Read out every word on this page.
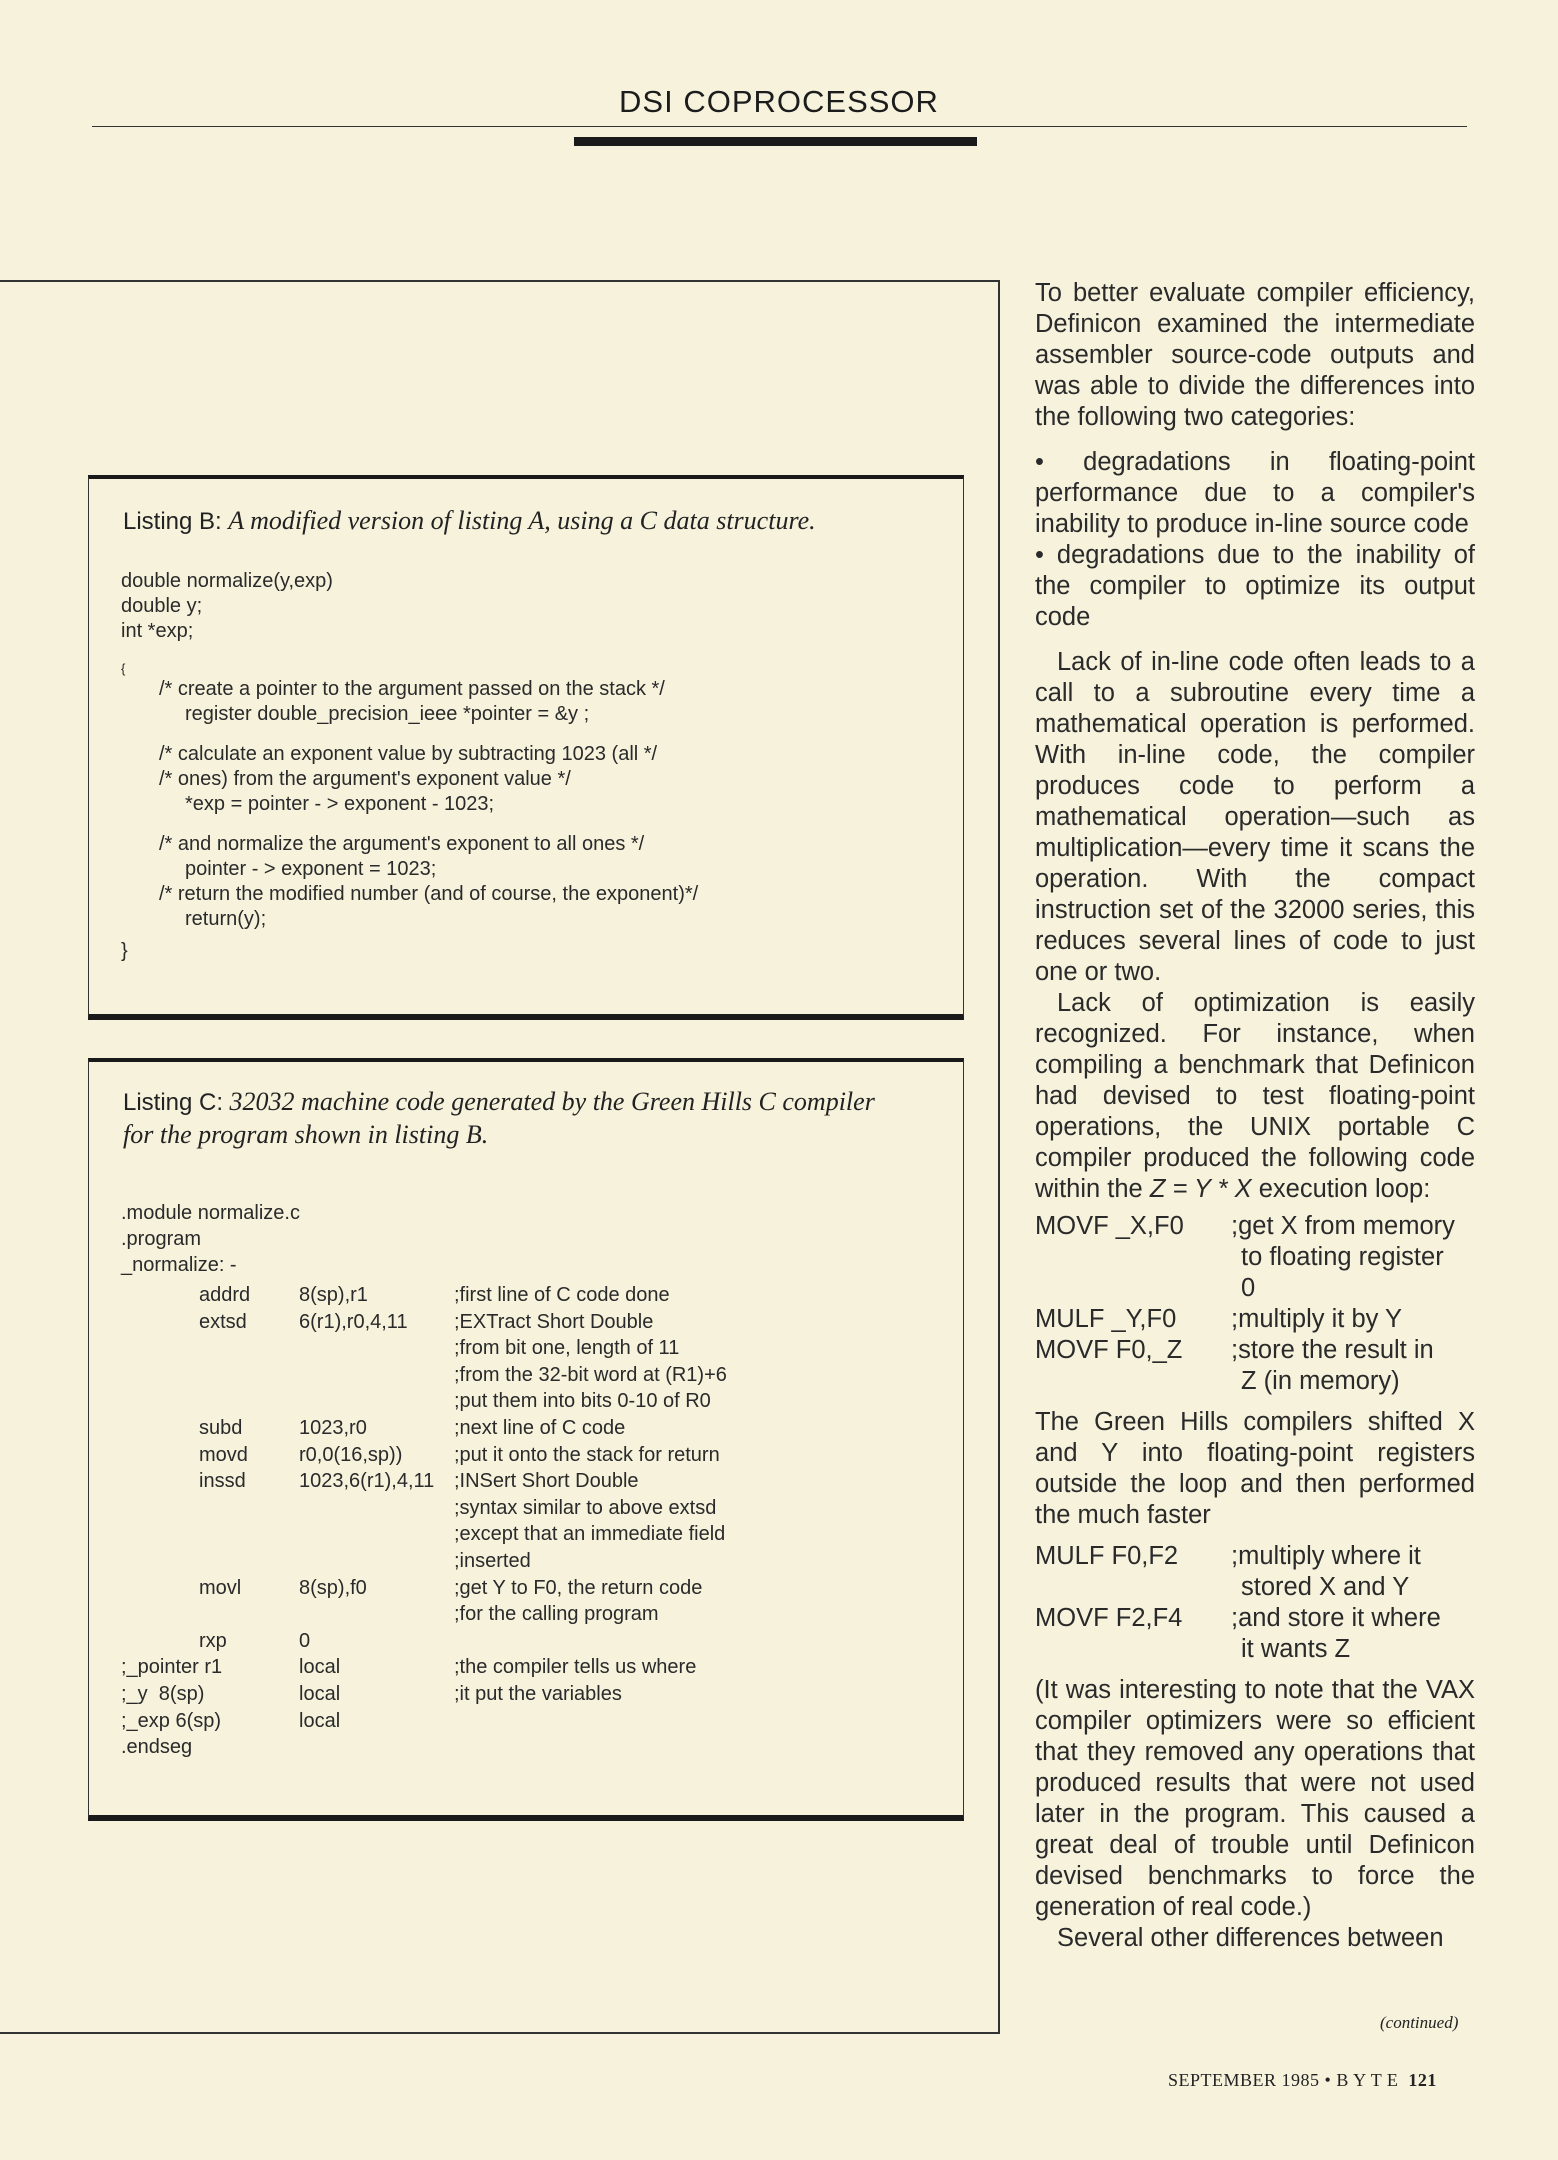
DSI COPROCESSOR
Listing B: A modified version of listing A, using a C data structure.
double normalize(y,exp)
double y;
int *exp;
{
/* create a pointer to the argument passed on the stack */
register double_precision_ieee *pointer = &y ;
/* calculate an exponent value by subtracting 1023 (all */
/* ones) from the argument's exponent value */
*exp = pointer - > exponent - 1023;
/* and normalize the argument's exponent to all ones */
pointer - > exponent = 1023;
/* return the modified number (and of course, the exponent)*/
return(y);
}
Listing C: 32032 machine code generated by the Green Hills C compiler
for the program shown in listing B.
.module normalize.c
.program
_normalize: -
addrd 8(sp),r1	;first line of C code done
extsd	6(r1),r0,4,11 ;EXTract Short Double
;from bit one, length of 11
;from the 32-bit word at (R1)+6
;put them into bits 0-10 of R0
subd	1023,r0	;next line of C code
movd	r0,0(16,sp))	;put it onto the stack for return
inssd	1023,6(r1),4,11 ;INSert Short Double
;syntax similar to above extsd
;except that an immediate field
;inserted
movl	8(sp),f0	;get Y to F0, the return code
;for the calling program
rxp	0
;_pointer r1	local	;the compiler tells us where
;_y  8(sp)	local	;it put the variables
;_exp 6(sp)	local
.endseg

To better evaluate compiler efficiency, Definicon examined the intermediate assembler source-code outputs and was able to divide the differences into the following two categories:

• degradations in floating-point performance due to a compiler's inability to produce in-line source code

• degradations due to the inability of the compiler to optimize its output code

Lack of in-line code often leads to a call to a subroutine every time a mathematical operation is performed. With in-line code, the compiler produces code to perform a mathematical operation—such as multiplication—every time it scans the operation. With the compact instruction set of the 32000 series, this reduces several lines of code to just one or two.

Lack of optimization is easily recognized. For instance, when compiling a benchmark that Definicon had devised to test floating-point operations, the UNIX portable C compiler produced the following code within the Z = Y * X execution loop:

MOVF _X,F0 ;get X from memory
to floating register
0
MULF _Y,F0 ;multiply it by Y
MOVF F0,_Z ;store the result in
Z (in memory)

The Green Hills compilers shifted X and Y into floating-point registers outside the loop and then performed the much faster

MULF F0,F2 ;multiply where it
stored X and Y
MOVF F2,F4 ;and store it where
it wants Z

(It was interesting to note that the VAX compiler optimizers were so efficient that they removed any operations that produced results that were not used later in the program. This caused a great deal of trouble until Definicon devised benchmarks to force the generation of real code.)

Several other differences between

(continued)
SEPTEMBER 1985 • B Y T E 121
